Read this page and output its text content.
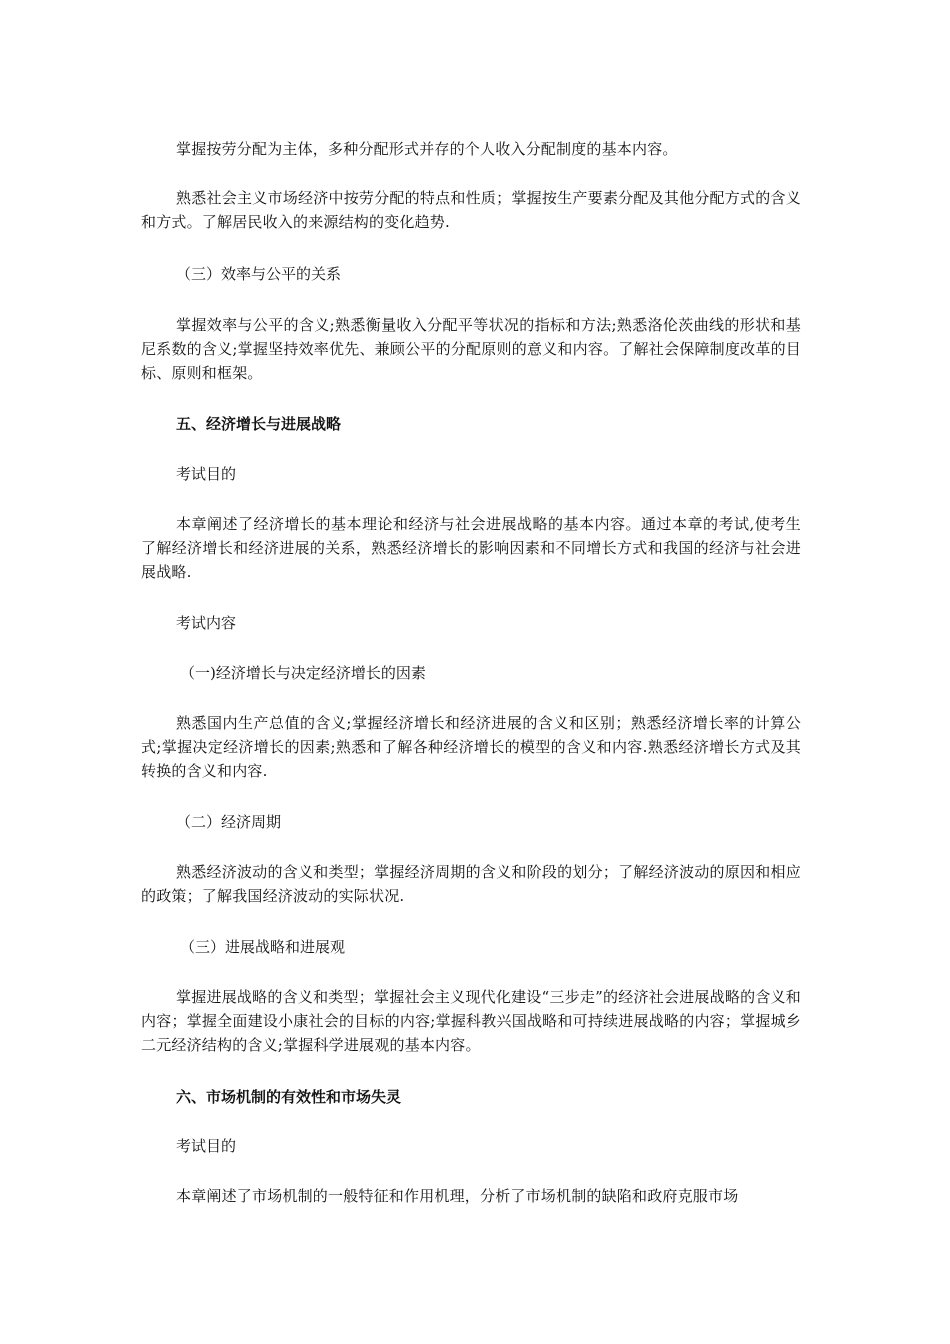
掌握按劳分配为主体，多种分配形式并存的个人收入分配制度的基本内容。

熟悉社会主义市场经济中按劳分配的特点和性质；掌握按生产要素分配及其他分配方式的含义和方式。了解居民收入的来源结构的变化趋势.

（三）效率与公平的关系

掌握效率与公平的含义;熟悉衡量收入分配平等状况的指标和方法;熟悉洛伦茨曲线的形状和基尼系数的含义;掌握坚持效率优先、兼顾公平的分配原则的意义和内容。了解社会保障制度改革的目标、原则和框架。

五、经济增长与进展战略

考试目的

本章阐述了经济增长的基本理论和经济与社会进展战略的基本内容。通过本章的考试,使考生了解经济增长和经济进展的关系，熟悉经济增长的影响因素和不同增长方式和我国的经济与社会进展战略.

考试内容

（一)经济增长与决定经济增长的因素

熟悉国内生产总值的含义;掌握经济增长和经济进展的含义和区别；熟悉经济增长率的计算公式;掌握决定经济增长的因素;熟悉和了解各种经济增长的模型的含义和内容.熟悉经济增长方式及其转换的含义和内容.

（二）经济周期

熟悉经济波动的含义和类型；掌握经济周期的含义和阶段的划分；了解经济波动的原因和相应的政策；了解我国经济波动的实际状况.

（三）进展战略和进展观

掌握进展战略的含义和类型；掌握社会主义现代化建设“三步走”的经济社会进展战略的含义和内容；掌握全面建设小康社会的目标的内容;掌握科教兴国战略和可持续进展战略的内容；掌握城乡二元经济结构的含义;掌握科学进展观的基本内容。

六、市场机制的有效性和市场失灵

考试目的

本章阐述了市场机制的一般特征和作用机理，分析了市场机制的缺陷和政府克服市场
